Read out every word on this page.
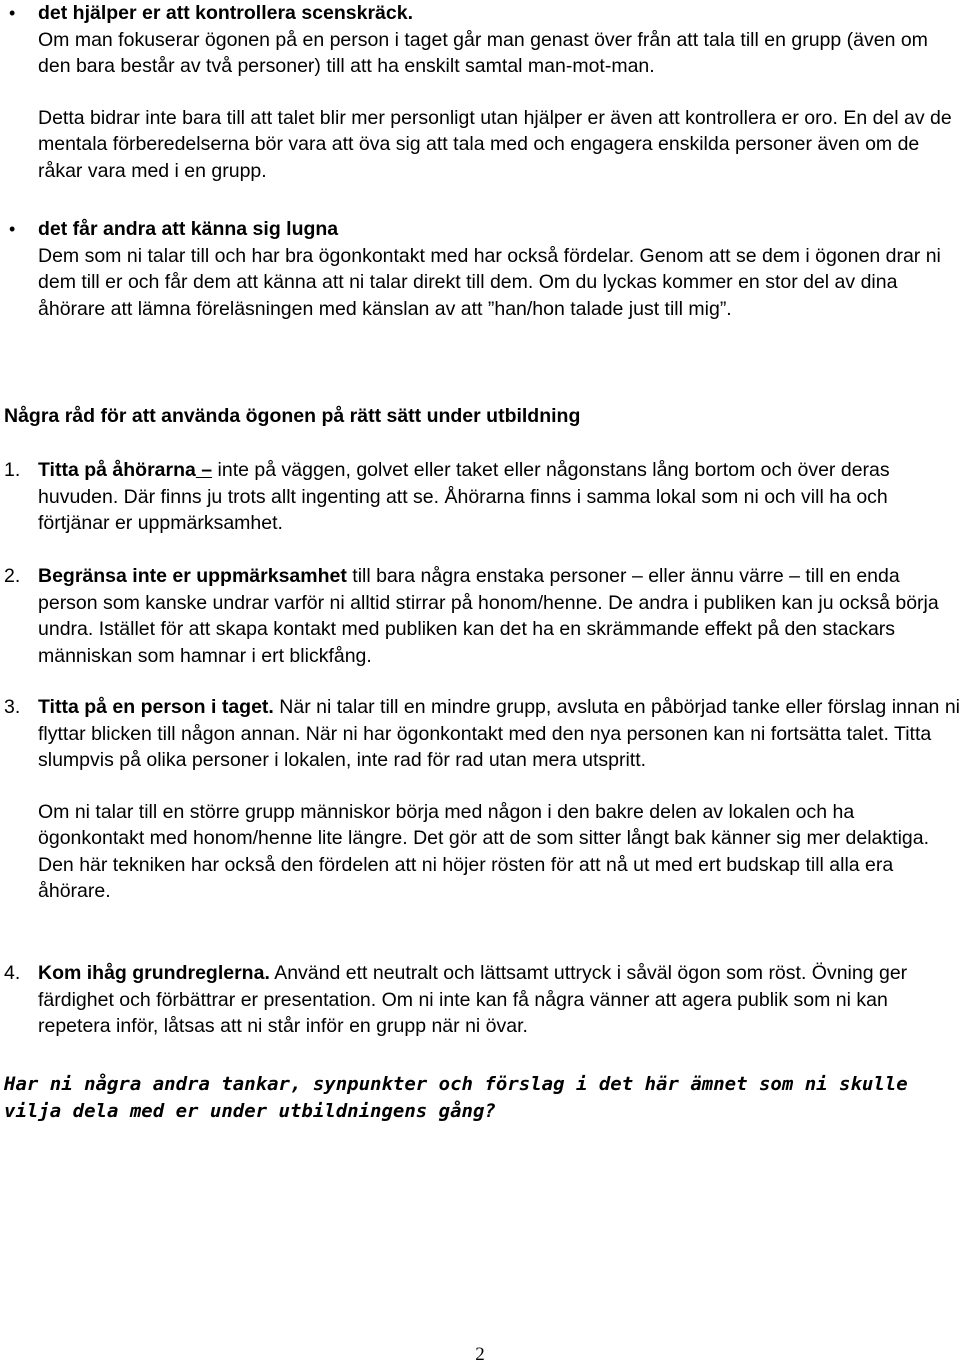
• det hjälper er att kontrollera scenskräck.

Om man fokuserar ögonen på en person i taget går man genast över från att tala till en grupp (även om den bara består av två personer) till att ha enskilt samtal man-mot-man.

Detta bidrar inte bara till att talet blir mer personligt utan hjälper er även att kontrollera er oro. En del av de mentala förberedelserna bör vara att öva sig att tala med och engagera enskilda personer även om de råkar vara med i en grupp.

• det får andra att känna sig lugna

Dem som ni talar till och har bra ögonkontakt med har också fördelar. Genom att se dem i ögonen drar ni dem till er och får dem att känna att ni talar direkt till dem. Om du lyckas kommer en stor del av dina åhörare att lämna föreläsningen med känslan av att ”han/hon talade just till mig”.

Några råd för att använda ögonen på rätt sätt under utbildning
1. Titta på åhörarna – inte på väggen, golvet eller taket eller någonstans lång bortom och över deras huvuden. Där finns ju trots allt ingenting att se. Åhörarna finns i samma lokal som ni och vill ha och förtjänar er uppmärksamhet.

2. Begränsa inte er uppmärksamhet till bara några enstaka personer – eller ännu värre – till en enda person som kanske undrar varför ni alltid stirrar på honom/henne. De andra i publiken kan ju också börja undra. Istället för att skapa kontakt med publiken kan det ha en skrämmande effekt på den stackars människan som hamnar i ert blickfång.

3. Titta på en person i taget. När ni talar till en mindre grupp, avsluta en påbörjad tanke eller förslag innan ni flyttar blicken till någon annan. När ni har ögonkontakt med den nya personen kan ni fortsätta talet. Titta slumpvis på olika personer i lokalen, inte rad för rad utan mera utspritt.

Om ni talar till en större grupp människor börja med någon i den bakre delen av lokalen och ha ögonkontakt med honom/henne lite längre. Det gör att de som sitter långt bak känner sig mer delaktiga. Den här tekniken har också den fördelen att ni höjer rösten för att nå ut med ert budskap till alla era åhörare.

4. Kom ihåg grundreglerna. Använd ett neutralt och lättsamt uttryck i såväl ögon som röst. Övning ger färdighet och förbättrar er presentation. Om ni inte kan få några vänner att agera publik som ni kan repetera inför, låtsas att ni står inför en grupp när ni övar.

Har ni några andra tankar, synpunkter och förslag i det här ämnet som ni skulle vilja dela med er under utbildningens gång?
2
